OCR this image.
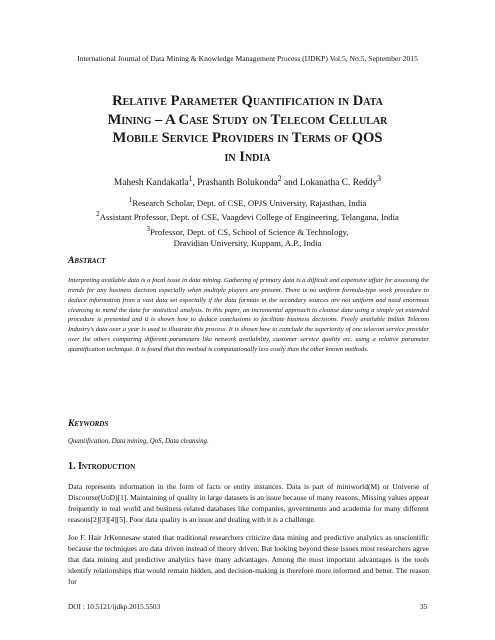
International Journal of Data Mining & Knowledge Management Process (IJDKP) Vol.5, No.5, September 2015
Relative Parameter Quantification in Data
Mining – A Case Study on Telecom Cellular
Mobile Service Providers in Terms of QOS
in India
Mahesh Kandakatla$^1$, Prashanth Bolukonda$^2$ and Lokanatha C. Reddy$^3$
$^1$Research Scholar, Dept. of CSE, OPJS University, Rajasthan, India
$^2$Assistant Professor, Dept. of CSE, Vaagdevi College of Engineering, Telangana, India
$^3$Professor, Dept. of CS, School of Science & Technology,
Dravidian University, Kuppam, A.P., India
Abstract
Interpreting available data is a focal issue in data mining. Gathering of primary data is a difficult and expensive affair for assessing the trends for any business decision especially when multiple players are present. There is no uniform formula-type work procedure to deduce information from a vast data set especially if the data formats in the secondary sources are not uniform and need enormous cleansing to mend the data for statistical analysis. In this paper, an incremental approach to cleanse data using a simple yet extended procedure is presented and it is shown how to deduce conclusions to facilitate business decisions. Freely available Indian Telecom Industry’s data over a year is used to illustrate this process. It is shown how to conclude the superiority of one telecom service provider over the others comparing different parameters like network availability, customer service quality etc. using a relative parameter quantification technique. It is found that this method is computationally less costly than the other known methods.
Keywords
Quantification, Data mining, QoS, Data cleansing.
1. Introduction
Data represents information in the form of facts or entity instances. Data is part of miniworld(M) or Universe of Discourse(UoD)[1]. Maintaining of quality in large datasets is an issue because of many reasons. Missing values appear frequently in real world and business related databases like companies, governments and academia for many different reasons[2][3][4][5]. Poor data quality is an issue and dealing with it is a challenge.
Joe F. Hair JrKennesaw stated that traditional researchers criticize data mining and predictive analytics as unscientific because the techniques are data driven instead of theory driven. But looking beyond these issues most researchers agree that data mining and predictive analytics have many advantages. Among the most important advantages is the tools identify relationships that would remain hidden, and decision-making is therefore more informed and better. The reason for
DOI : 10.5121/ijdkp.2015.5503	35
